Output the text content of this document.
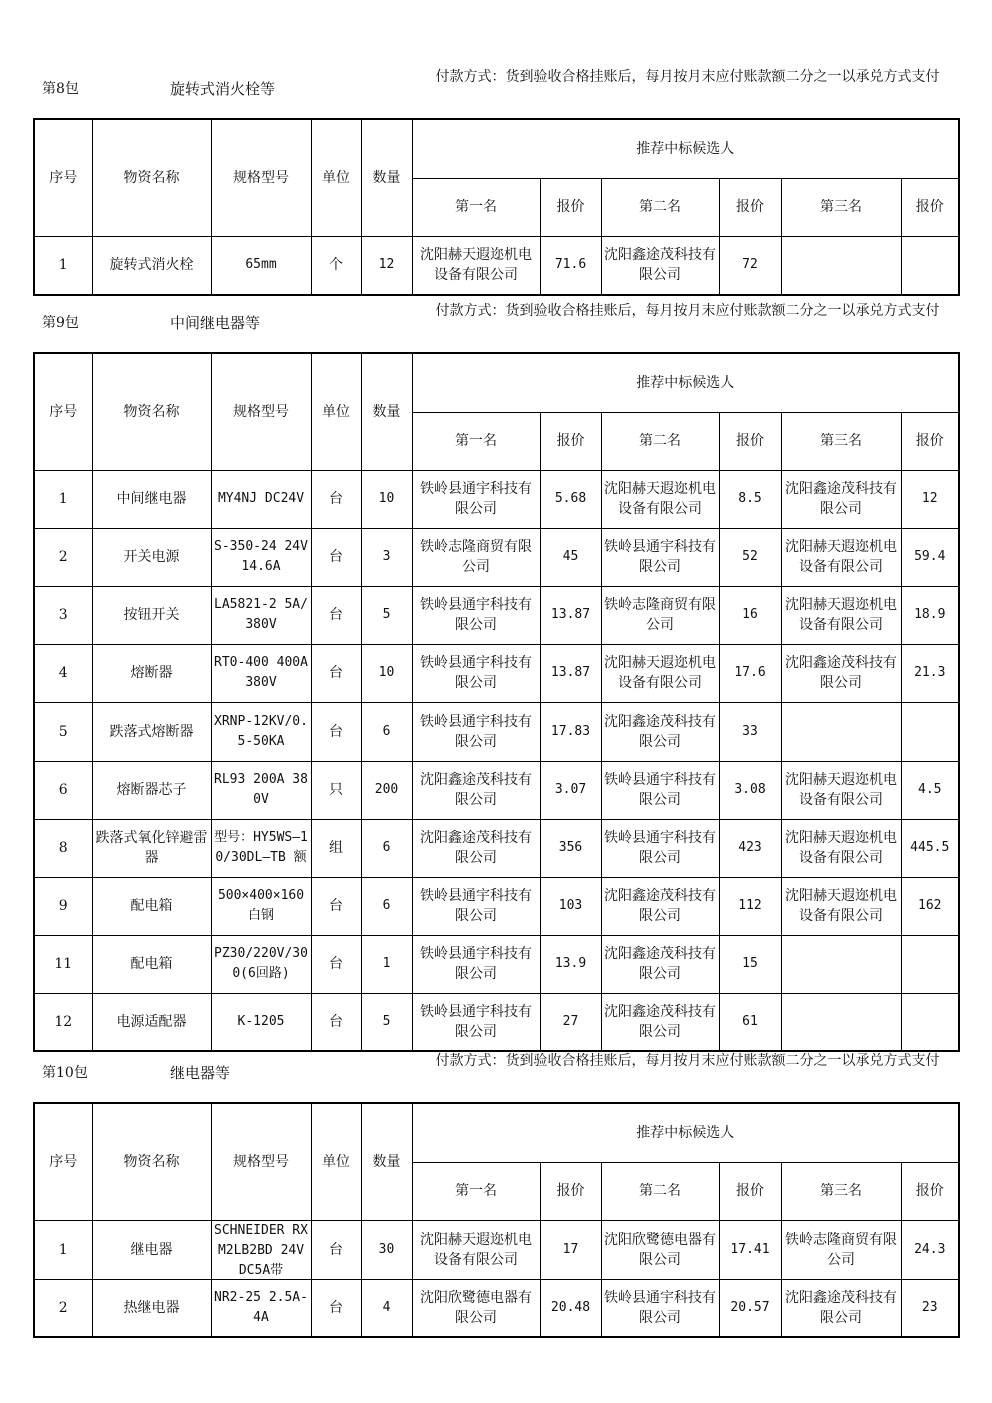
第8包	旋转式消火栓等
付款方式：货到验收合格挂账后，每月按月末应付账款额二分之一以承兑方式支付
序号	物资名称	规格型号	单位	数量	推荐中标候选人					
					第一名	报价	第二名	报价	第三名	报价

1	旋转式消火栓	65mm	个	12	沈阳赫天遐迩机电设备有限公司	71.6	沈阳鑫途茂科技有限公司	72		

第9包	中间继电器等
付款方式：货到验收合格挂账后，每月按月末应付账款额二分之一以承兑方式支付
序号	物资名称	规格型号	单位	数量	推荐中标候选人					
					第一名	报价	第二名	报价	第三名	报价

1	中间继电器	MY4NJ DC24V	台	10	铁岭县通宇科技有限公司	5.68	沈阳赫天遐迩机电设备有限公司	8.5	沈阳鑫途茂科技有限公司	12

2	开关电源	S-350-24 24V 14.6A	台	3	铁岭志隆商贸有限公司	45	铁岭县通宇科技有限公司	52	沈阳赫天遐迩机电设备有限公司	59.4

3	按钮开关	LA5821-2 5A/380V	台	5	铁岭县通宇科技有限公司	13.87	铁岭志隆商贸有限公司	16	沈阳赫天遐迩机电设备有限公司	18.9

4	熔断器	RT0-400 400A 380V	台	10	铁岭县通宇科技有限公司	13.87	沈阳赫天遐迩机电设备有限公司	17.6	沈阳鑫途茂科技有限公司	21.3

5	跌落式熔断器	XRNP-12KV/0.5-50KA	台	6	铁岭县通宇科技有限公司	17.83	沈阳鑫途茂科技有限公司	33		

6	熔断器芯子	RL93 200A 380V	只	200	沈阳鑫途茂科技有限公司	3.07	铁岭县通宇科技有限公司	3.08	沈阳赫天遐迩机电设备有限公司	4.5

8	跌落式氧化锌避雷器	型号：HY5WS—10/30DL—TB 额	组	6	沈阳鑫途茂科技有限公司	356	铁岭县通宇科技有限公司	423	沈阳赫天遐迩机电设备有限公司	445.5

9	配电箱	500×400×160 白钢	台	6	铁岭县通宇科技有限公司	103	沈阳鑫途茂科技有限公司	112	沈阳赫天遐迩机电设备有限公司	162

11	配电箱	PZ30/220V/300(6回路)	台	1	铁岭县通宇科技有限公司	13.9	沈阳鑫途茂科技有限公司	15		

12	电源适配器	K-1205	台	5	铁岭县通宇科技有限公司	27	沈阳鑫途茂科技有限公司	61		

第10包	继电器等
付款方式：货到验收合格挂账后，每月按月末应付账款额二分之一以承兑方式支付
序号	物资名称	规格型号	单位	数量	推荐中标候选人					
					第一名	报价	第二名	报价	第三名	报价

1	继电器	SCHNEIDER RXM2LB2BD 24V DC5A带	台	30	沈阳赫天遐迩机电设备有限公司	17	沈阳欣鹭德电器有限公司	17.41	铁岭志隆商贸有限公司	24.3

2	热继电器	NR2-25 2.5A-4A	台	4	沈阳欣鹭德电器有限公司	20.48	铁岭县通宇科技有限公司	20.57	沈阳鑫途茂科技有限公司	23
